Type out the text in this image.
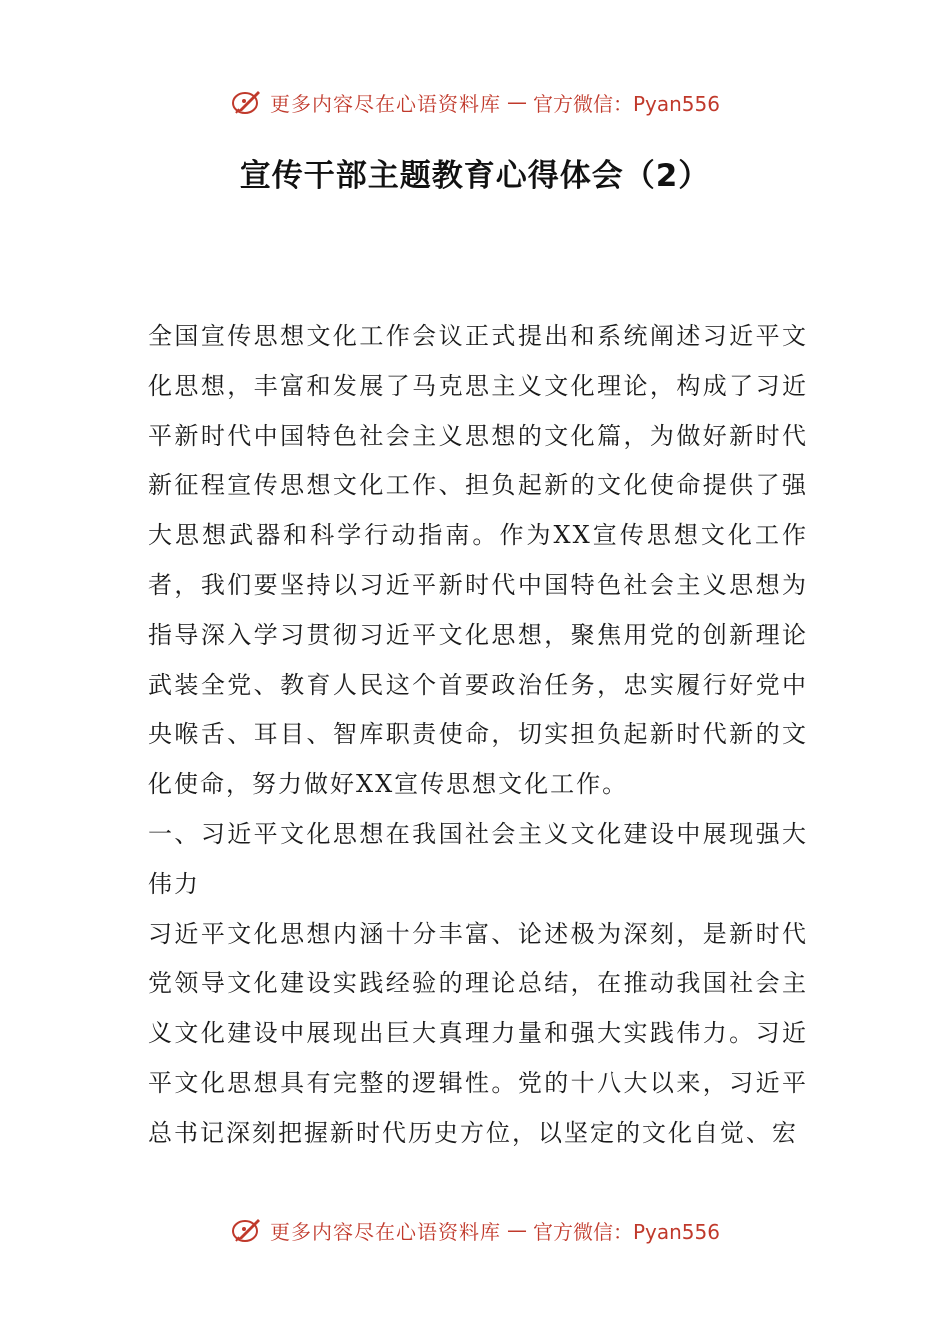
更多内容尽在心语资料库 — 官方微信：Pyan556
宣传干部主题教育心得体会（2）

全国宣传思想文化工作会议正式提出和系统阐述习近平文化思想，丰富和发展了马克思主义文化理论，构成了习近平新时代中国特色社会主义思想的文化篇，为做好新时代新征程宣传思想文化工作、担负起新的文化使命提供了强大思想武器和科学行动指南。作为XX宣传思想文化工作者，我们要坚持以习近平新时代中国特色社会主义思想为指导深入学习贯彻习近平文化思想，聚焦用党的创新理论武装全党、教育人民这个首要政治任务，忠实履行好党中央喉舌、耳目、智库职责使命，切实担负起新时代新的文化使命，努力做好XX宣传思想文化工作。

一、习近平文化思想在我国社会主义文化建设中展现强大伟力

习近平文化思想内涵十分丰富、论述极为深刻，是新时代党领导文化建设实践经验的理论总结，在推动我国社会主义文化建设中展现出巨大真理力量和强大实践伟力。习近平文化思想具有完整的逻辑性。党的十八大以来，习近平总书记深刻把握新时代历史方位，以坚定的文化自觉、宏

更多内容尽在心语资料库 — 官方微信：Pyan556
